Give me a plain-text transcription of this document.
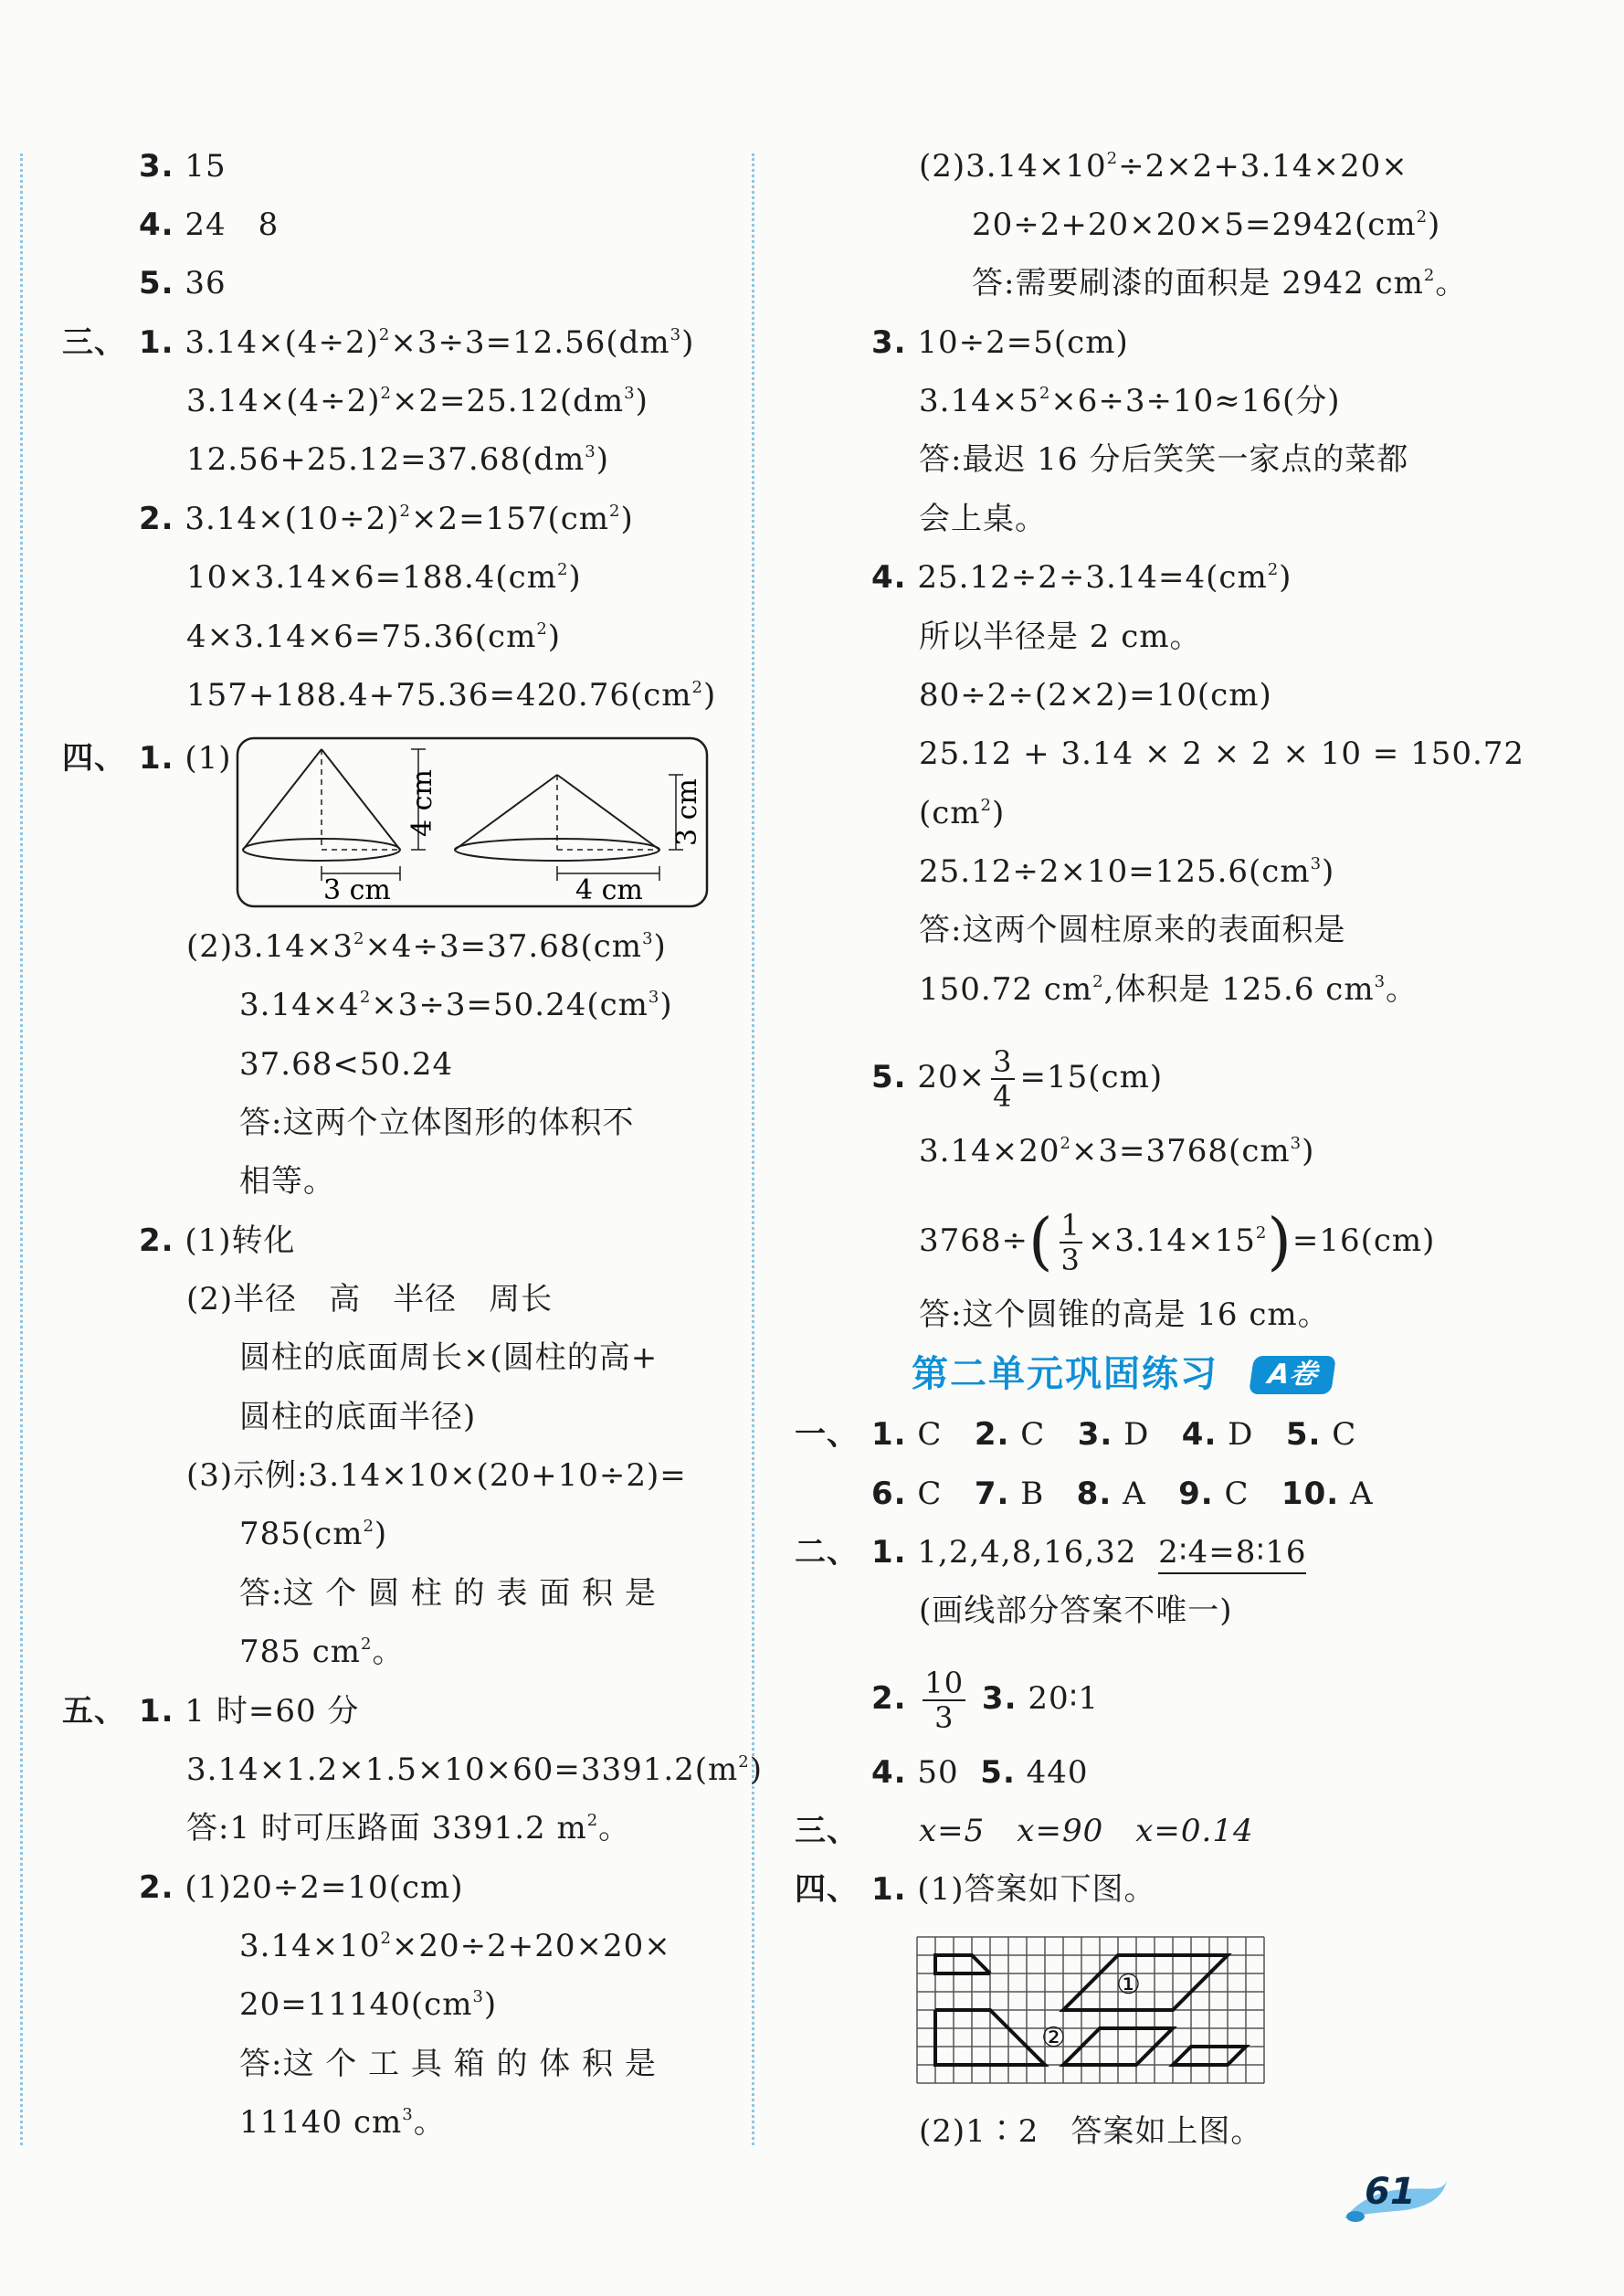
3. 15
4. 24　8
5. 36
三、 1. $3.14\times(4\div 2)^2\times 3\div 3=12.56(dm^3)$
$3.14\times(4\div 2)^2\times 2=25.12(dm^3)$
$12.56+25.12=37.68(dm^3)$
2. $3.14\times(10\div 2)^2\times 2=157(cm^2)$
$10\times 3.14\times 6=188.4(cm^2)$
$4\times 3.14\times 6=75.36(cm^2)$
$157+188.4+75.36=420.76(cm^2)$
四、 1. (1)
4 cm
3 cm
3 cm
4 cm
$(2)3.14\times 3^2\times 4\div 3=37.68(cm^3)$
$3.14\times 4^2\times 3\div 3=50.24(cm^3)$
37.68<50.24
答:这两个立体图形的体积不
相等。
2. (1)转化
(2)半径　高　半径　周长
圆柱的底面周长×(圆柱的高+
圆柱的底面半径)
(3)示例:3.14×10×(20+10÷2)=
$785(cm^2)$
答:这 个 圆 柱 的 表 面 积 是
785 $cm^2$。
五、 1. 1 时=60 分
$3.14\times 1.2\times 1.5\times 10\times 60=3391.2(m^2)$
答:1 时可压路面 3391.2 $m^2$。
2. (1)20÷2=10(cm)
$3.14\times 10^2\times 20\div 2+20\times 20\times$
$20=11140(cm^3)$
答:这 个 工 具 箱 的 体 积 是
11140 $cm^3$。
$(2)3.14\times 10^2\div 2\times 2+3.14\times 20\times$
$20\div 2+20\times 20\times 5=2942(cm^2)$
答:需要刷漆的面积是 2942 $cm^2$。
3. 10÷2=5(cm)
$3.14\times 5^2\times 6\div 3\div 10\approx 16$(分)
答:最迟 16 分后笑笑一家点的菜都
会上桌。
4. $25.12\div 2\div 3.14=4(cm^2)$
所以半径是 2 cm。
80÷2÷(2×2)=10(cm)
25.12 + 3.14 × 2 × 2 × 10 = 150.72
$(cm^2)$
$25.12\div 2\times 10=125.6(cm^3)$
答:这两个圆柱原来的表面积是
150.72 $cm^2$,体积是 125.6 $cm^3$。
5. $20\times \frac{3}{4} =15(cm)$
$3.14\times 20^2\times 3=3768(cm^3)$
$3768\div( \frac{1}{3} \times 3.14\times 15^2)=16(cm)$
答:这个圆锥的高是 16 cm。
第二单元巩固练习	A卷
一、 1. C 2. C 3. D 4. D 5. C
6. C 7. B 8. A 9. C 10. A
二、 1. 1,2,4,8,16,32 2∶4=8∶16
(画线部分答案不唯一)
2. $\frac{10}{3} 3$. 20∶1
4. 50 5. 440
三、 x=5　x=90　x=0.14
四、 1. (1)答案如下图。
①
②
(2)1∶2　答案如上图。
61
